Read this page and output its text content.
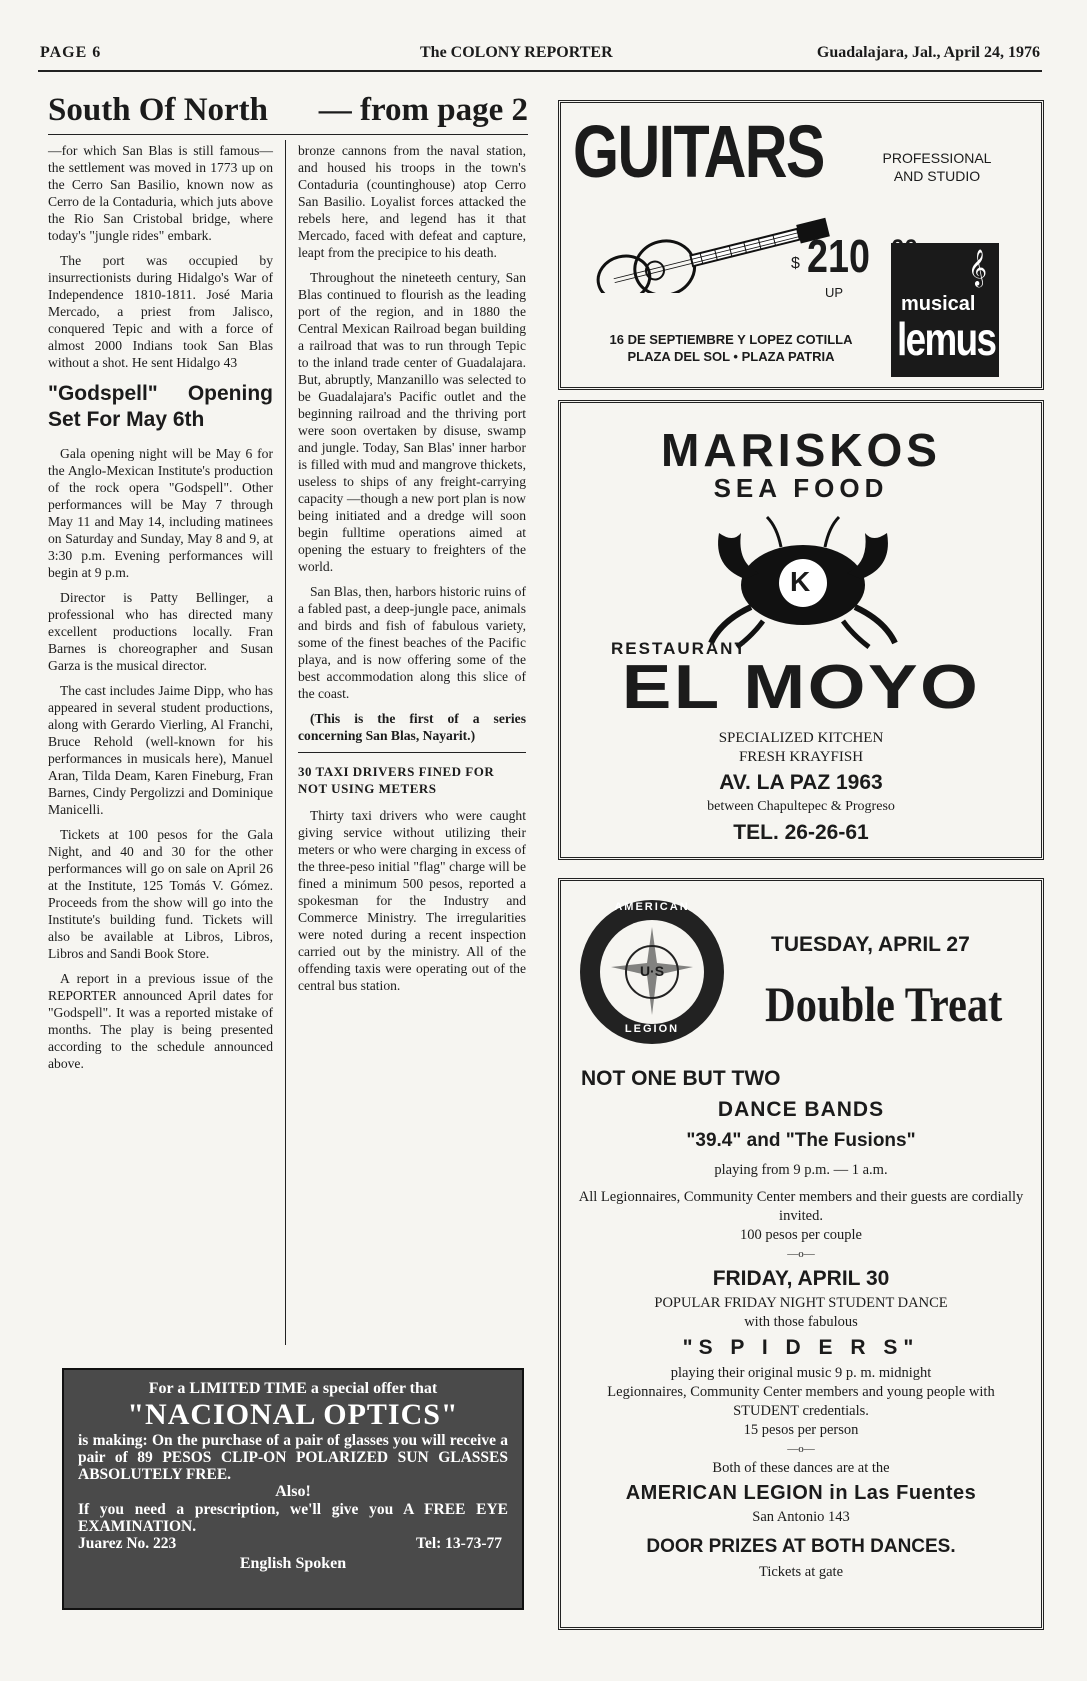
PAGE 6	The COLONY REPORTER	Guadalajara, Jal., April 24, 1976
South Of North — from page 2

—for which San Blas is still famous— the settlement was moved in 1773 up on the Cerro San Basilio, known now as Cerro de la Contaduria, which juts above the Rio San Cristobal bridge, where today's "jungle rides" embark.

The port was occupied by insurrectionists during Hidalgo's War of Independence 1810-1811. José Maria Mercado, a priest from Jalisco, conquered Tepic and with a force of almost 2000 Indians took San Blas without a shot. He sent Hidalgo 43

"Godspell" Opening Set For May 6th

Gala opening night will be May 6 for the Anglo-Mexican Institute's production of the rock opera "Godspell". Other performances will be May 7 through May 11 and May 14, including matinees on Saturday and Sunday, May 8 and 9, at 3:30 p.m. Evening performances will begin at 9 p.m.

Director is Patty Bellinger, a professional who has directed many excellent productions locally. Fran Barnes is choreographer and Susan Garza is the musical director.

The cast includes Jaime Dipp, who has appeared in several student productions, along with Gerardo Vierling, Al Franchi, Bruce Rehold (well-known for his performances in musicals here), Manuel Aran, Tilda Deam, Karen Fineburg, Fran Barnes, Cindy Pergolizzi and Dominique Manicelli.

Tickets at 100 pesos for the Gala Night, and 40 and 30 for the other performances will go on sale on April 26 at the Institute, 125 Tomás V. Gómez. Proceeds from the show will go into the Institute's building fund. Tickets will also be available at Libros, Libros, Libros and Sandi Book Store.

A report in a previous issue of the REPORTER announced April dates for "Godspell". It was a reported mistake of months. The play is being presented according to the schedule announced above.

bronze cannons from the naval station, and housed his troops in the town's Contaduria (countinghouse) atop Cerro San Basilio. Loyalist forces attacked the rebels here, and legend has it that Mercado, faced with defeat and capture, leapt from the precipice to his death.

Throughout the nineteeth century, San Blas continued to flourish as the leading port of the region, and in 1880 the Central Mexican Railroad began building a railroad that was to run through Tepic to the inland trade center of Guadalajara. But, abruptly, Manzanillo was selected to be Guadalajara's Pacific outlet and the beginning railroad and the thriving port were soon overtaken by disuse, swamp and jungle. Today, San Blas' inner harbor is filled with mud and mangrove thickets, useless to ships of any freight-carrying capacity —though a new port plan is now being initiated and a dredge will soon begin fulltime operations aimed at opening the estuary to freighters of the world.

San Blas, then, harbors historic ruins of a fabled past, a deep-jungle pace, animals and birds and fish of fabulous variety, some of the finest beaches of the Pacific playa, and is now offering some of the best accommodation along this slice of the coast.

(This is the first of a series concerning San Blas, Nayarit.)

30 TAXI DRIVERS FINED FOR NOT USING METERS

Thirty taxi drivers who were caught giving service without utilizing their meters or who were charging in excess of the three-peso initial "flag" charge will be fined a minimum 500 pesos, reported a spokesman for the Industry and Commerce Ministry. The irregularities were noted during a recent inspection carried out by the ministry. All of the offending taxis were operating out of the central bus station.

For a LIMITED TIME a special offer that
"NACIONAL OPTICS"
is making: On the purchase of a pair of glasses you will receive a pair of 89 PESOS CLIP-ON POLARIZED SUN GLASSES ABSOLUTELY FREE.
Also!
If you need a prescription, we'll give you A FREE EYE EXAMINATION.
Juarez No. 223	Tel: 13-73-77
English Spoken
GUITARS	PROFESSIONAL
AND STUDIO
$ 210
UP
16 DE SEPTIEMBRE Y LOPEZ COTILLA
PLAZA DEL SOL • PLAZA PATRIA
musical
lemus
𝄞
MARISKOS
SEA FOOD
K
RESTAURANT
EL MOYO
SPECIALIZED KITCHEN
FRESH KRAYFISH
AV. LA PAZ 1963
between Chapultepec & Progreso
TEL. 26-26-61
AMERICAN
LEGION
U·S
TUESDAY, APRIL 27
Double Treat
NOT ONE BUT TWO
DANCE BANDS
"39.4" and "The Fusions"
playing from 9 p.m. — 1 a.m.
All Legionnaires, Community Center members and their guests are cordially invited.
100 pesos per couple
—o—
FRIDAY, APRIL 30
POPULAR FRIDAY NIGHT STUDENT DANCE
with those fabulous
"S P I D E R S"
playing their original music 9 p. m. midnight
Legionnaires, Community Center members and young people with STUDENT credentials.
15 pesos per person
—o—
Both of these dances are at the
AMERICAN LEGION in Las Fuentes
San Antonio 143
DOOR PRIZES AT BOTH DANCES.
Tickets at gate
